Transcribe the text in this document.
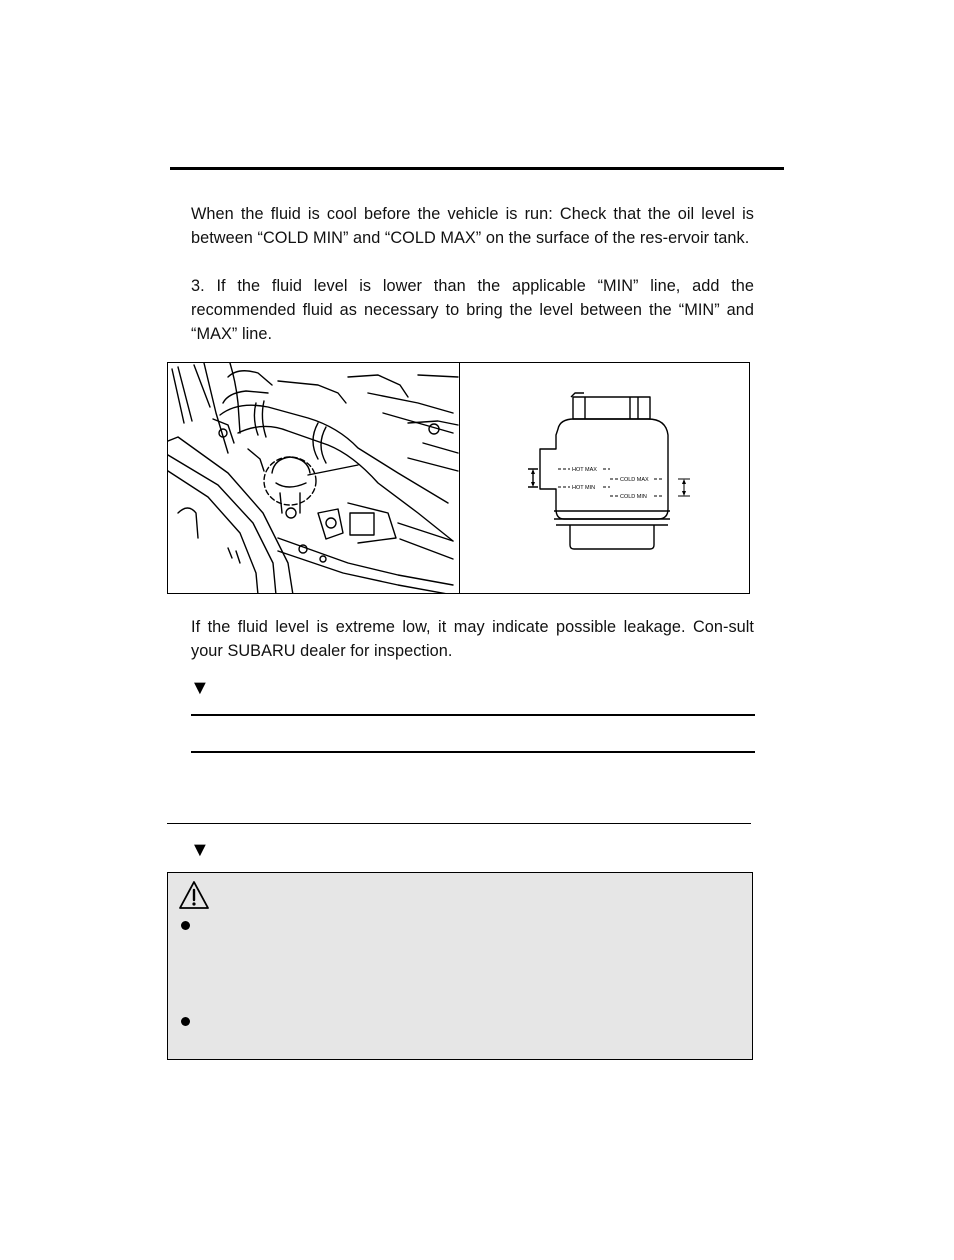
When the fluid is cool before the vehicle is run: Check that the oil level is between “COLD MIN” and “COLD MAX” on the surface of the res-ervoir tank.

3. If the fluid level is lower than the applicable “MIN” line, add the recommended fluid as necessary to bring the level between the “MIN” and “MAX” line.

HOT MAX
HOT MIN
COLD MAX
COLD MIN

If the fluid level is extreme low, it may indicate possible leakage. Con-sult your SUBARU dealer for inspection.

▼
▼
